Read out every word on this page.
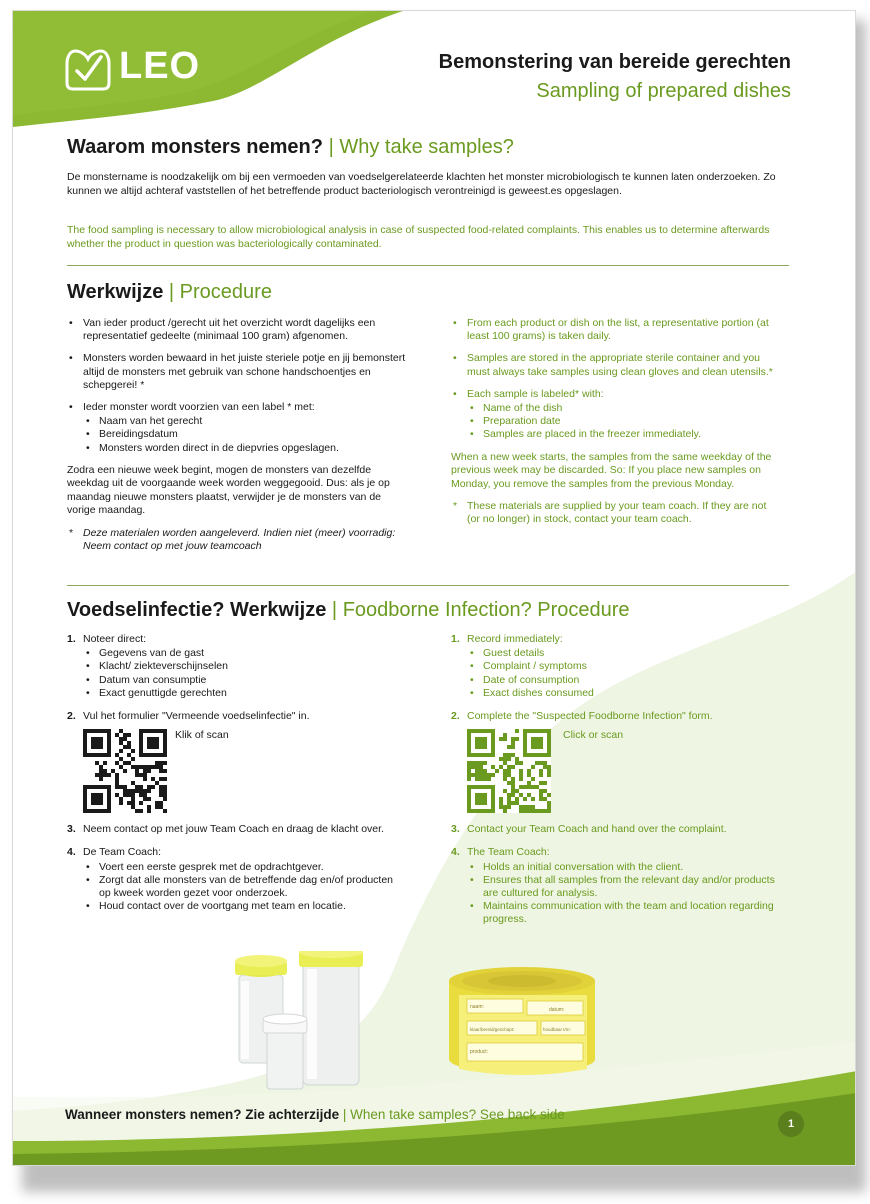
LEO	Bemonstering van bereide gerechten
Sampling of prepared dishes
Waarom monsters nemen? | Why take samples?

De monstername is noodzakelijk om bij een vermoeden van voedselgerelateerde klachten het monster microbiologisch te kunnen laten onderzoeken. Zo kunnen we altijd achteraf vaststellen of het betreffende product bacteriologisch verontreinigd is geweest.es opgeslagen.

The food sampling is necessary to allow microbiological analysis in case of suspected food-related complaints. This enables us to determine afterwards whether the product in question was bacteriologically contaminated.

Werkwijze | Procedure
• Van ieder product /gerecht uit het overzicht wordt dagelijks een representatief gedeelte (minimaal 100 gram) afgenomen.
• Monsters worden bewaard in het juiste steriele potje en jij bemonstert altijd de monsters met gebruik van schone handschoentjes en schepgerei! *
• Ieder monster wordt voorzien van een label * met:
• Naam van het gerecht
• Bereidingsdatum
• Monsters worden direct in de diepvries opgeslagen.

Zodra een nieuwe week begint, mogen de monsters van dezelfde weekdag uit de voorgaande week worden weggegooid. Dus: als je op maandag nieuwe monsters plaatst, verwijder je de monsters van de vorige maandag.

* Deze materialen worden aangeleverd. Indien niet (meer) voorradig: Neem contact op met jouw teamcoach

• From each product or dish on the list, a representative portion (at least 100 grams) is taken daily.
• Samples are stored in the appropriate sterile container and you must always take samples using clean gloves and clean utensils.*
• Each sample is labeled* with:
• Name of the dish
• Preparation date
• Samples are placed in the freezer immediately.

When a new week starts, the samples from the same weekday of the previous week may be discarded. So: If you place new samples on Monday, you remove the samples from the previous Monday.

* These materials are supplied by your team coach. If they are not (or no longer) in stock, contact your team coach.

Voedselinfectie? Werkwijze | Foodborne Infection? Procedure
1. Noteer direct:
• Gegevens van de gast
• Klacht/ ziekteverschijnselen
• Datum van consumptie
• Exact genuttigde gerechten
2. Vul het formulier "Vermeende voedselinfectie" in.
Klik of scan
3. Neem contact op met jouw Team Coach en draag de klacht over.
4. De Team Coach:
• Voert een eerste gesprek met de opdrachtgever.
• Zorgt dat alle monsters van de betreffende dag en/of producten op kweek worden gezet voor onderzoek.
• Houd contact over de voortgang met team en locatie.
1. Record immediately:
• Guest details
• Complaint / symptoms
• Date of consumption
• Exact dishes consumed
2. Complete the "Suspected Foodborne Infection" form.
Click or scan
3. Contact your Team Coach and hand over the complaint.
4. The Team Coach:
• Holds an initial conversation with the client.
• Ensures that all samples from the relevant day and/or products are cultured for analysis.
• Maintains communication with the team and location regarding progress.
naam:	datum:
klaar/bereid/geschapt:	houdbaar t/m:
product:
Wanneer monsters nemen? Zie achterzijde | When take samples? See back side
1
